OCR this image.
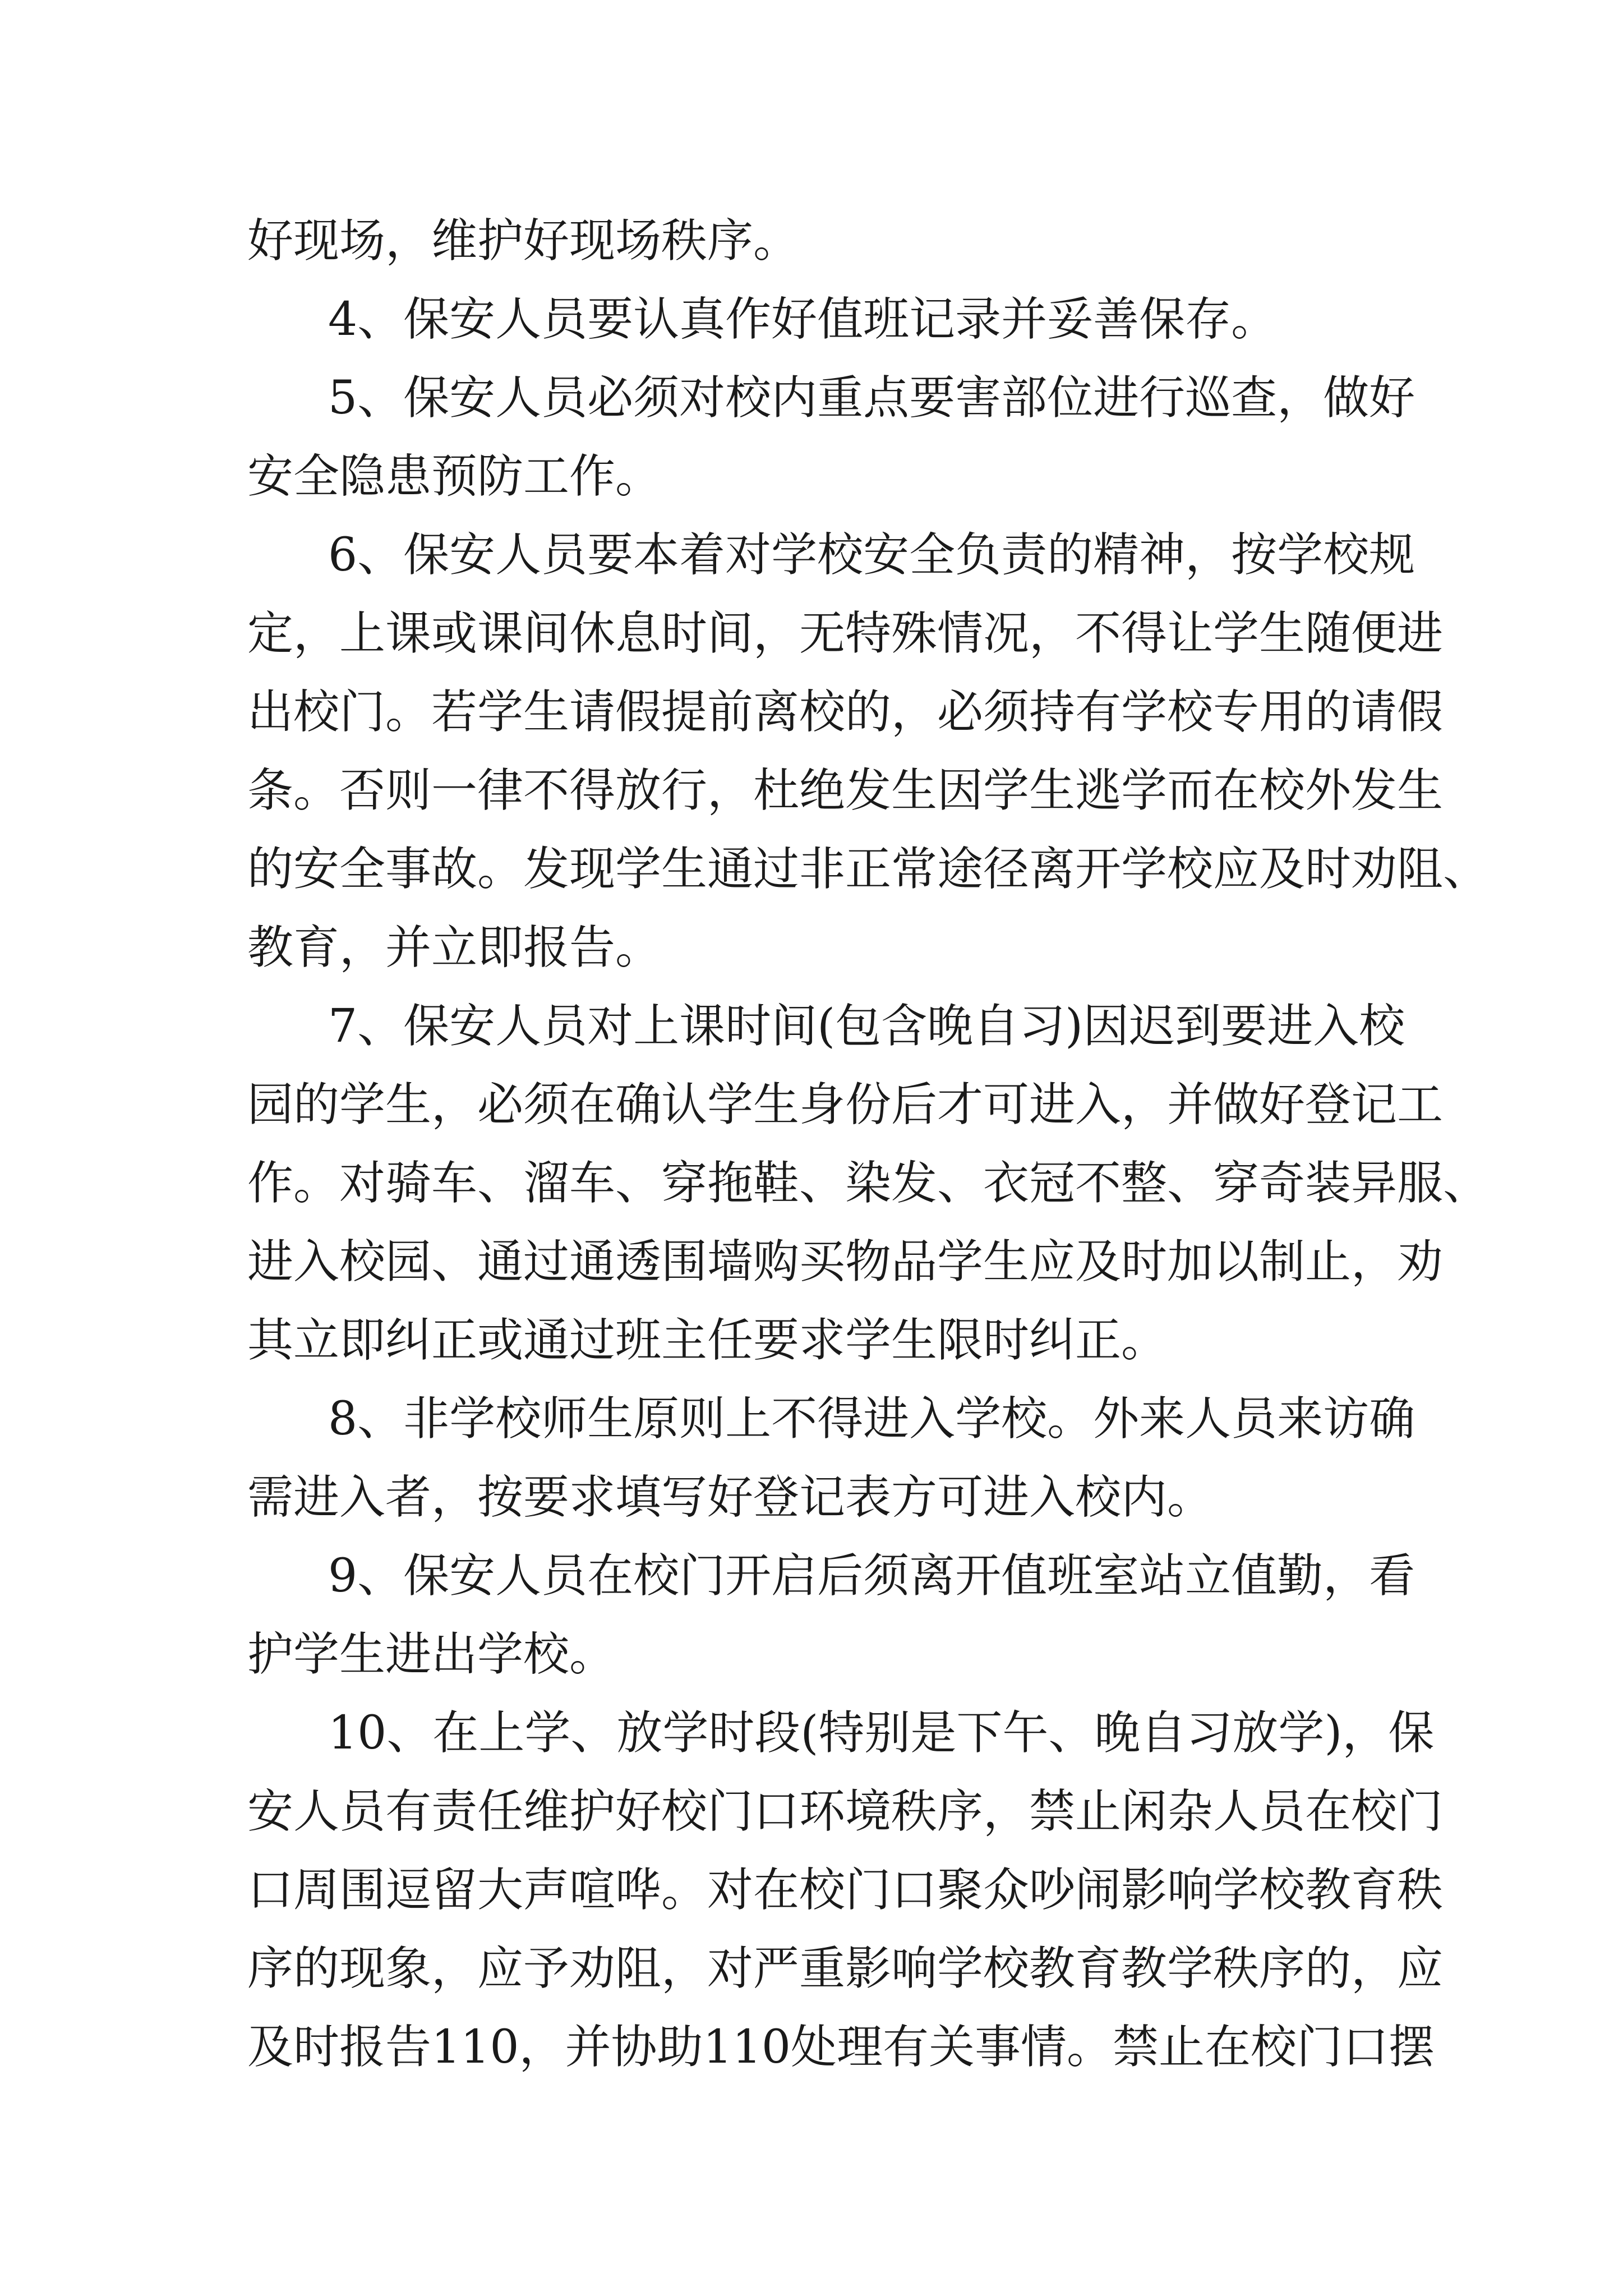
好现场，维护好现场秩序。
4、保安人员要认真作好值班记录并妥善保存。
5、保安人员必须对校内重点要害部位进行巡查，做好
安全隐患预防工作。
6、保安人员要本着对学校安全负责的精神，按学校规
定，上课或课间休息时间，无特殊情况，不得让学生随便进
出校门。若学生请假提前离校的，必须持有学校专用的请假
条。否则一律不得放行，杜绝发生因学生逃学而在校外发生
的安全事故。发现学生通过非正常途径离开学校应及时劝阻、
教育，并立即报告。
7、保安人员对上课时间(包含晚自习)因迟到要进入校
园的学生，必须在确认学生身份后才可进入，并做好登记工
作。对骑车、溜车、穿拖鞋、染发、衣冠不整、穿奇装异服、
进入校园、通过通透围墙购买物品学生应及时加以制止，劝
其立即纠正或通过班主任要求学生限时纠正。
8、非学校师生原则上不得进入学校。外来人员来访确
需进入者，按要求填写好登记表方可进入校内。
9、保安人员在校门开启后须离开值班室站立值勤，看
护学生进出学校。
10、在上学、放学时段(特别是下午、晚自习放学)，保
安人员有责任维护好校门口环境秩序，禁止闲杂人员在校门
口周围逗留大声喧哗。对在校门口聚众吵闹影响学校教育秩
序的现象，应予劝阻，对严重影响学校教育教学秩序的，应
及时报告110，并协助110处理有关事情。禁止在校门口摆
